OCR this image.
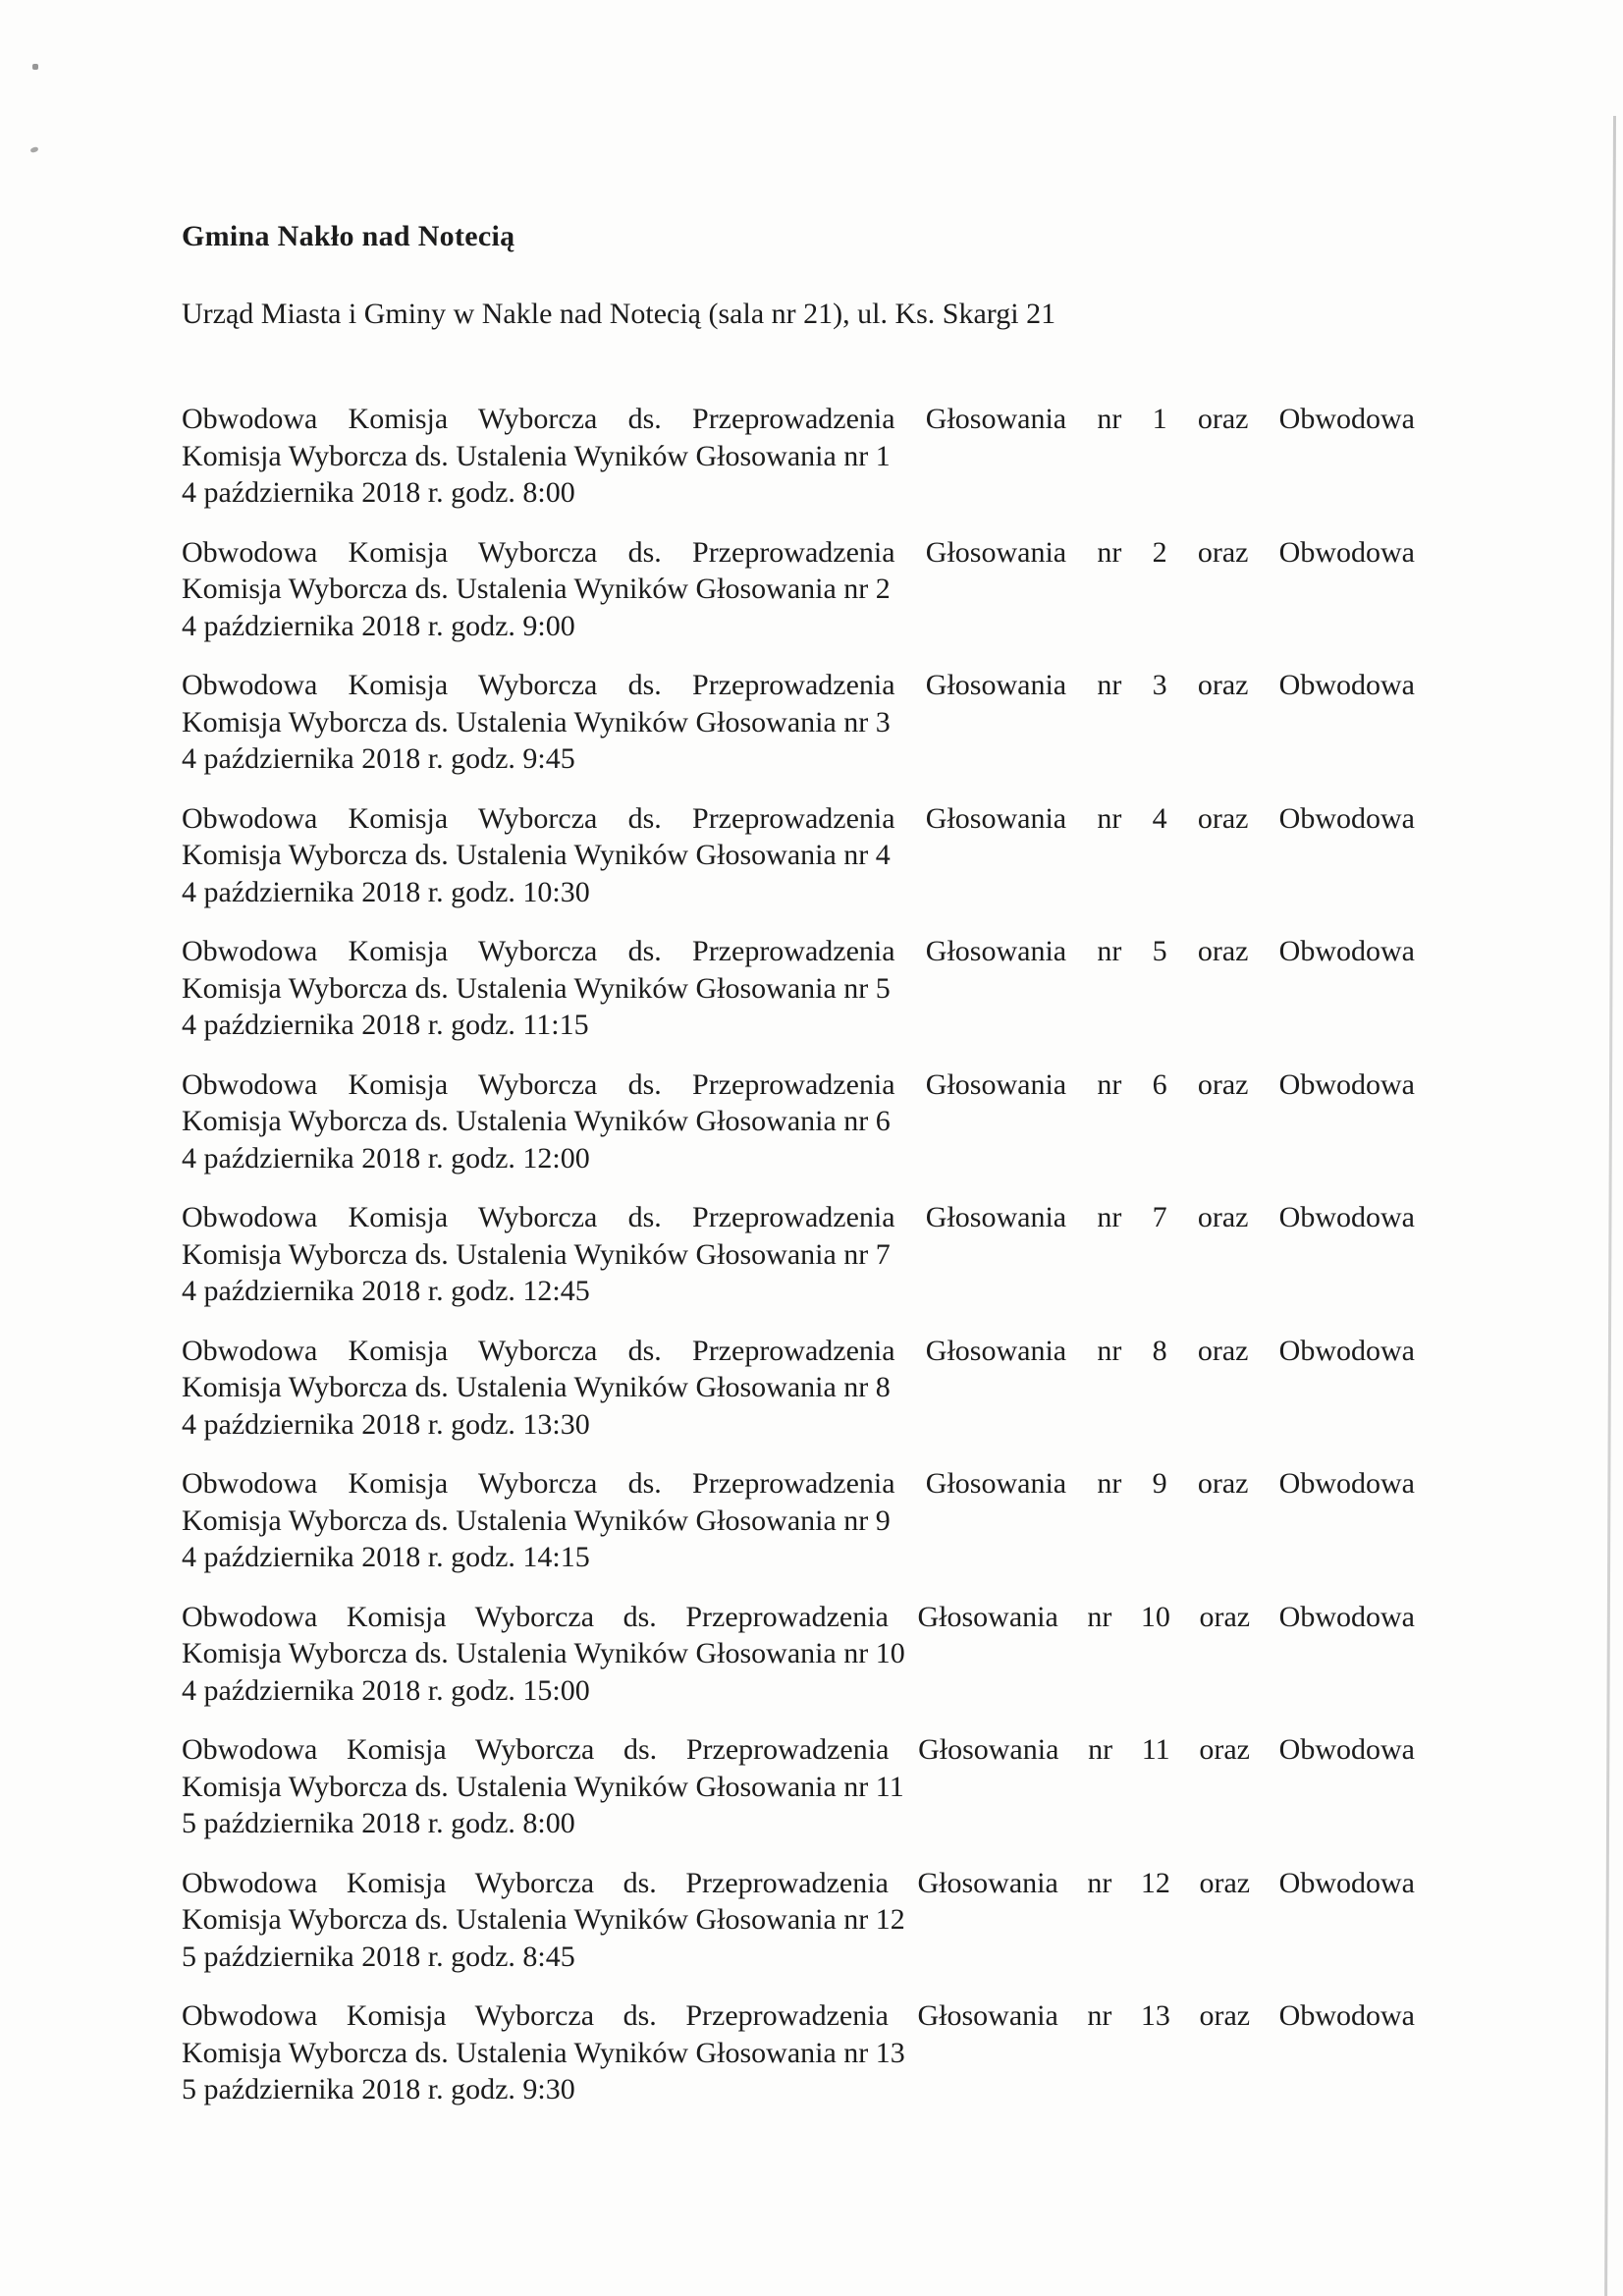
Gmina Nakło nad Notecią

Urząd Miasta i Gminy w Nakle nad Notecią (sala nr 21), ul. Ks. Skargi 21

Obwodowa Komisja Wyborcza ds. Przeprowadzenia Głosowania nr 1 oraz Obwodowa
Komisja Wyborcza ds. Ustalenia Wyników Głosowania nr 1
4 października 2018 r. godz. 8:00
Obwodowa Komisja Wyborcza ds. Przeprowadzenia Głosowania nr 2 oraz Obwodowa
Komisja Wyborcza ds. Ustalenia Wyników Głosowania nr 2
4 października 2018 r. godz. 9:00
Obwodowa Komisja Wyborcza ds. Przeprowadzenia Głosowania nr 3 oraz Obwodowa
Komisja Wyborcza ds. Ustalenia Wyników Głosowania nr 3
4 października 2018 r. godz. 9:45
Obwodowa Komisja Wyborcza ds. Przeprowadzenia Głosowania nr 4 oraz Obwodowa
Komisja Wyborcza ds. Ustalenia Wyników Głosowania nr 4
4 października 2018 r. godz. 10:30
Obwodowa Komisja Wyborcza ds. Przeprowadzenia Głosowania nr 5 oraz Obwodowa
Komisja Wyborcza ds. Ustalenia Wyników Głosowania nr 5
4 października 2018 r. godz. 11:15
Obwodowa Komisja Wyborcza ds. Przeprowadzenia Głosowania nr 6 oraz Obwodowa
Komisja Wyborcza ds. Ustalenia Wyników Głosowania nr 6
4 października 2018 r. godz. 12:00
Obwodowa Komisja Wyborcza ds. Przeprowadzenia Głosowania nr 7 oraz Obwodowa
Komisja Wyborcza ds. Ustalenia Wyników Głosowania nr 7
4 października 2018 r. godz. 12:45
Obwodowa Komisja Wyborcza ds. Przeprowadzenia Głosowania nr 8 oraz Obwodowa
Komisja Wyborcza ds. Ustalenia Wyników Głosowania nr 8
4 października 2018 r. godz. 13:30
Obwodowa Komisja Wyborcza ds. Przeprowadzenia Głosowania nr 9 oraz Obwodowa
Komisja Wyborcza ds. Ustalenia Wyników Głosowania nr 9
4 października 2018 r. godz. 14:15
Obwodowa Komisja Wyborcza ds. Przeprowadzenia Głosowania nr 10 oraz Obwodowa
Komisja Wyborcza ds. Ustalenia Wyników Głosowania nr 10
4 października 2018 r. godz. 15:00
Obwodowa Komisja Wyborcza ds. Przeprowadzenia Głosowania nr 11 oraz Obwodowa
Komisja Wyborcza ds. Ustalenia Wyników Głosowania nr 11
5 października 2018 r. godz. 8:00
Obwodowa Komisja Wyborcza ds. Przeprowadzenia Głosowania nr 12 oraz Obwodowa
Komisja Wyborcza ds. Ustalenia Wyników Głosowania nr 12
5 października 2018 r. godz. 8:45
Obwodowa Komisja Wyborcza ds. Przeprowadzenia Głosowania nr 13 oraz Obwodowa
Komisja Wyborcza ds. Ustalenia Wyników Głosowania nr 13
5 października 2018 r. godz. 9:30
